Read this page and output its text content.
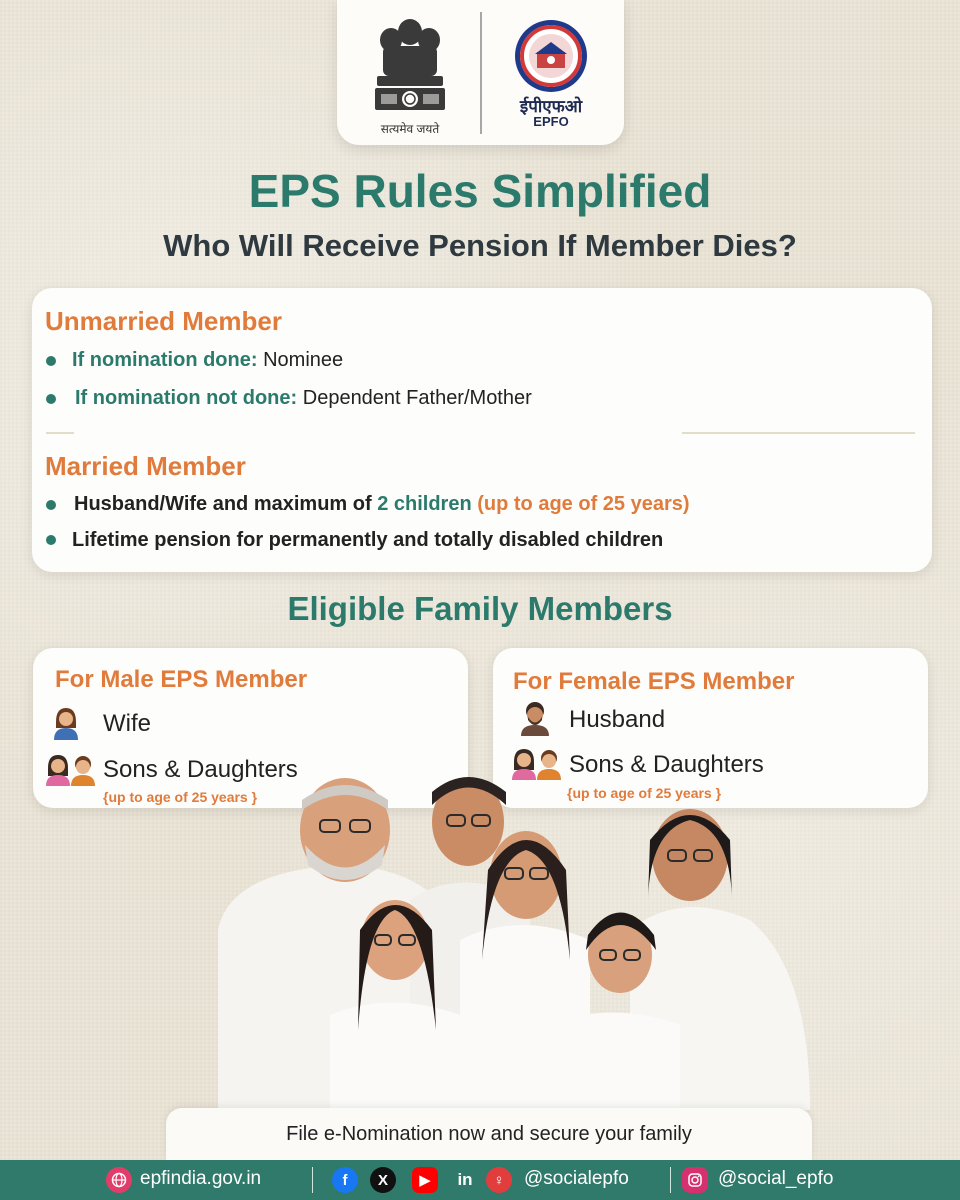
सत्यमेव जयते
ईपीएफओ
EPFO
EPS Rules Simplified
Who Will Receive Pension If Member Dies?
Unmarried Member
If nomination done: Nominee
If nomination not done: Dependent Father/Mother
Married Member
Husband/Wife and maximum of 2 children (up to age of 25 years)
Lifetime pension for permanently and totally disabled children
Eligible Family Members
For Male EPS Member
Wife
Sons & Daughters
{up to age of 25 years }
For Female EPS Member
Husband
Sons & Daughters
{up to age of 25 years }
File e-Nomination now and secure your family
epfindia.gov.in	f	X	▶	in	♀	@socialepfo	@social_epfo
